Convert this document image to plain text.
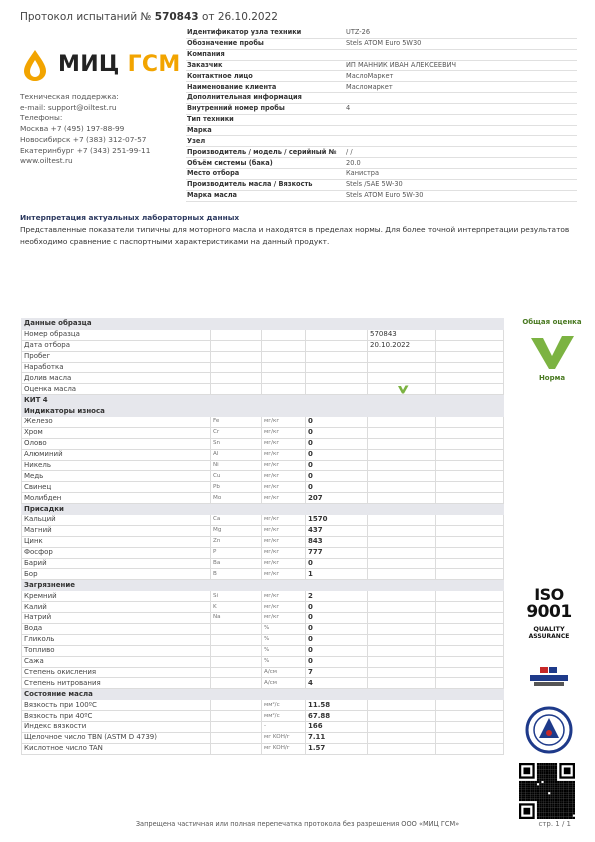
Протокол испытаний № 570843 от 26.10.2022
МИЦ ГСМ
Техническая поддержка:
e-mail: support@oiltest.ru
Телефоны:
Москва +7 (495) 197-88-99
Новосибирск +7 (383) 312-07-57
Екатеринбург +7 (343) 251-99-11
www.oiltest.ru
Идентификатор узла техники	UTZ-26
Обозначение пробы	Stels ATOM Euro 5W30
Компания	
Заказчик	ИП МАННИК ИВАН АЛЕКСЕЕВИЧ
Контактное лицо	МаслоМаркет
Наименование клиента	Масломаркет
Дополнительная информация	
Внутренний номер пробы	4
Тип техники	
Марка	
Узел	
Производитель / модель / серийный №	/ /
Объём системы (бака)	20.0
Место отбора	Канистра
Производитель масла / Вязкость	Stels /SAE 5W-30
Марка масла	Stels ATOM Euro 5W-30
Интерпретация актуальных лабораторных данных
Представленные показатели типичны для моторного масла и находятся в пределах нормы. Для более точной интерпретации результатов необходимо сравнение с паспортными характеристиками на данный продукт.
Данные образца					
Номер образца				570843	
Дата отбора				20.10.2022	
Пробег					
Наработка					
Долив масла					
Оценка масла				

КИТ 4					
Индикаторы износа					
Железо	Fe	мг/кг	0		
Хром	Cr	мг/кг	0		
Олово	Sn	мг/кг	0		
Алюминий	Al	мг/кг	0		
Никель	Ni	мг/кг	0		
Медь	Cu	мг/кг	0		
Свинец	Pb	мг/кг	0		
Молибден	Mo	мг/кг	207		
Присадки					
Кальций	Ca	мг/кг	1570		
Магний	Mg	мг/кг	437		
Цинк	Zn	мг/кг	843		
Фосфор	P	мг/кг	777		
Барий	Ba	мг/кг	0		
Бор	B	мг/кг	1		
Загрязнение					
Кремний	Si	мг/кг	2		
Калий	K	мг/кг	0		
Натрий	Na	мг/кг	0		
Вода		%	0		
Гликоль		%	0		
Топливо		%	0		
Сажа		%	0		
Степень окисления		A/см	7		
Степень нитрования		A/см	4		
Состояние масла					
Вязкость при 100ºC		мм²/с	11.58		
Вязкость при 40ºC		мм²/с	67.88		
Индекс вязкости		-	166		
Щелочное число TBN (ASTM D 4739)		мг KOH/г	7.11		
Кислотное число TAN		мг KOH/г	1.57		
Общая оценка
Норма
ISO
9001
QUALITY
ASSURANCE
Запрещена частичная или полная перепечатка протокола без разрешения ООО «МИЦ ГСМ»	стр. 1 / 1
